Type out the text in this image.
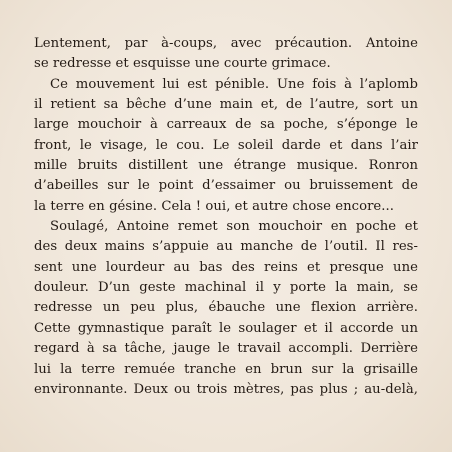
Lentement, par à-coups, avec précaution. Antoine
se redresse et esquisse une courte grimace.
Ce mouvement lui est pénible. Une fois à l’aplomb
il retient sa bêche d’une main et, de l’autre, sort un
large mouchoir à carreaux de sa poche, s’éponge le
front, le visage, le cou. Le soleil darde et dans l’air
mille bruits distillent une étrange musique. Ronron
d’abeilles sur le point d’essaimer ou bruissement de
la terre en gésine. Cela ! oui, et autre chose encore...
Soulagé, Antoine remet son mouchoir en poche et
des deux mains s’appuie au manche de l’outil. Il res-
sent une lourdeur au bas des reins et presque une
douleur. D’un geste machinal il y porte la main, se
redresse un peu plus, ébauche une flexion arrière.
Cette gymnastique paraît le soulager et il accorde un
regard à sa tâche, jauge le travail accompli. Derrière
lui la terre remuée tranche en brun sur la grisaille
environnante. Deux ou trois mètres, pas plus ; au-delà,
